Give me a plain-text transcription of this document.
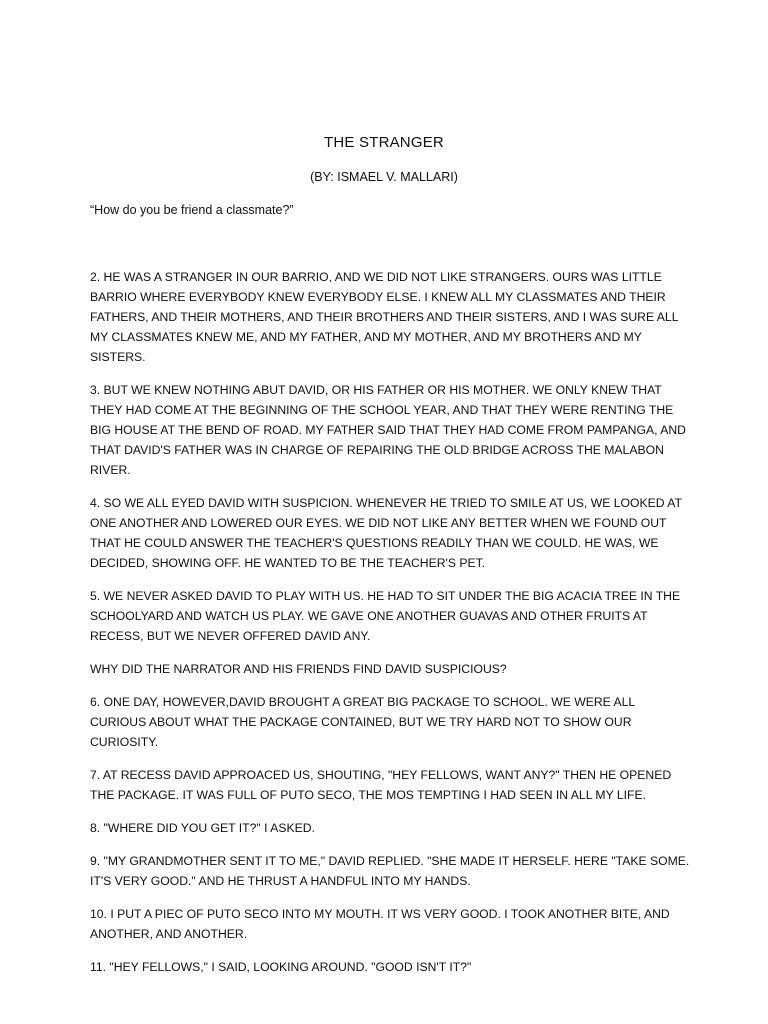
THE STRANGER
(BY: ISMAEL V. MALLARI)
“How do you be friend a classmate?”

2. HE WAS A STRANGER IN OUR BARRIO, AND WE DID NOT LIKE STRANGERS. OURS WAS LITTLE BARRIO WHERE EVERYBODY KNEW EVERYBODY ELSE. I KNEW ALL MY CLASSMATES AND THEIR FATHERS, AND THEIR MOTHERS, AND THEIR BROTHERS AND THEIR SISTERS, AND I WAS SURE ALL MY CLASSMATES KNEW ME, AND MY FATHER, AND MY MOTHER, AND MY BROTHERS AND MY SISTERS.

3. BUT WE KNEW NOTHING ABUT DAVID, OR HIS FATHER OR HIS MOTHER. WE ONLY KNEW THAT THEY HAD COME AT THE BEGINNING OF THE SCHOOL YEAR, AND THAT THEY WERE RENTING THE BIG HOUSE AT THE BEND OF ROAD. MY FATHER SAID THAT THEY HAD COME FROM PAMPANGA, AND THAT DAVID'S FATHER WAS IN CHARGE OF REPAIRING THE OLD BRIDGE ACROSS THE MALABON RIVER.

4. SO WE ALL EYED DAVID WITH SUSPICION. WHENEVER HE TRIED TO SMILE AT US, WE LOOKED AT ONE ANOTHER AND LOWERED OUR EYES. WE DID NOT LIKE ANY BETTER WHEN WE FOUND OUT THAT HE COULD ANSWER THE TEACHER'S QUESTIONS READILY THAN WE COULD. HE WAS, WE DECIDED, SHOWING OFF. HE WANTED TO BE THE TEACHER'S PET.

5. WE NEVER ASKED DAVID TO PLAY WITH US. HE HAD TO SIT UNDER THE BIG ACACIA TREE IN THE SCHOOLYARD AND WATCH US PLAY. WE GAVE ONE ANOTHER GUAVAS AND OTHER FRUITS AT RECESS, BUT WE NEVER OFFERED DAVID ANY.

WHY DID THE NARRATOR AND HIS FRIENDS FIND DAVID SUSPICIOUS?

6. ONE DAY, HOWEVER,DAVID BROUGHT A GREAT BIG PACKAGE TO SCHOOL. WE WERE ALL CURIOUS ABOUT WHAT THE PACKAGE CONTAINED, BUT WE TRY HARD NOT TO SHOW OUR CURIOSITY.

7. AT RECESS DAVID APPROACED US, SHOUTING, "HEY FELLOWS, WANT ANY?" THEN HE OPENED THE PACKAGE. IT WAS FULL OF PUTO SECO, THE MOS TEMPTING I HAD SEEN IN ALL MY LIFE.

8. "WHERE DID YOU GET IT?" I ASKED.

9. "MY GRANDMOTHER SENT IT TO ME," DAVID REPLIED. "SHE MADE IT HERSELF. HERE "TAKE SOME. IT'S VERY GOOD." AND HE THRUST A HANDFUL INTO MY HANDS.

10. I PUT A PIEC OF PUTO SECO INTO MY MOUTH. IT WS VERY GOOD. I TOOK ANOTHER BITE, AND ANOTHER, AND ANOTHER.

11. "HEY FELLOWS," I SAID, LOOKING AROUND. "GOOD ISN'T IT?"
